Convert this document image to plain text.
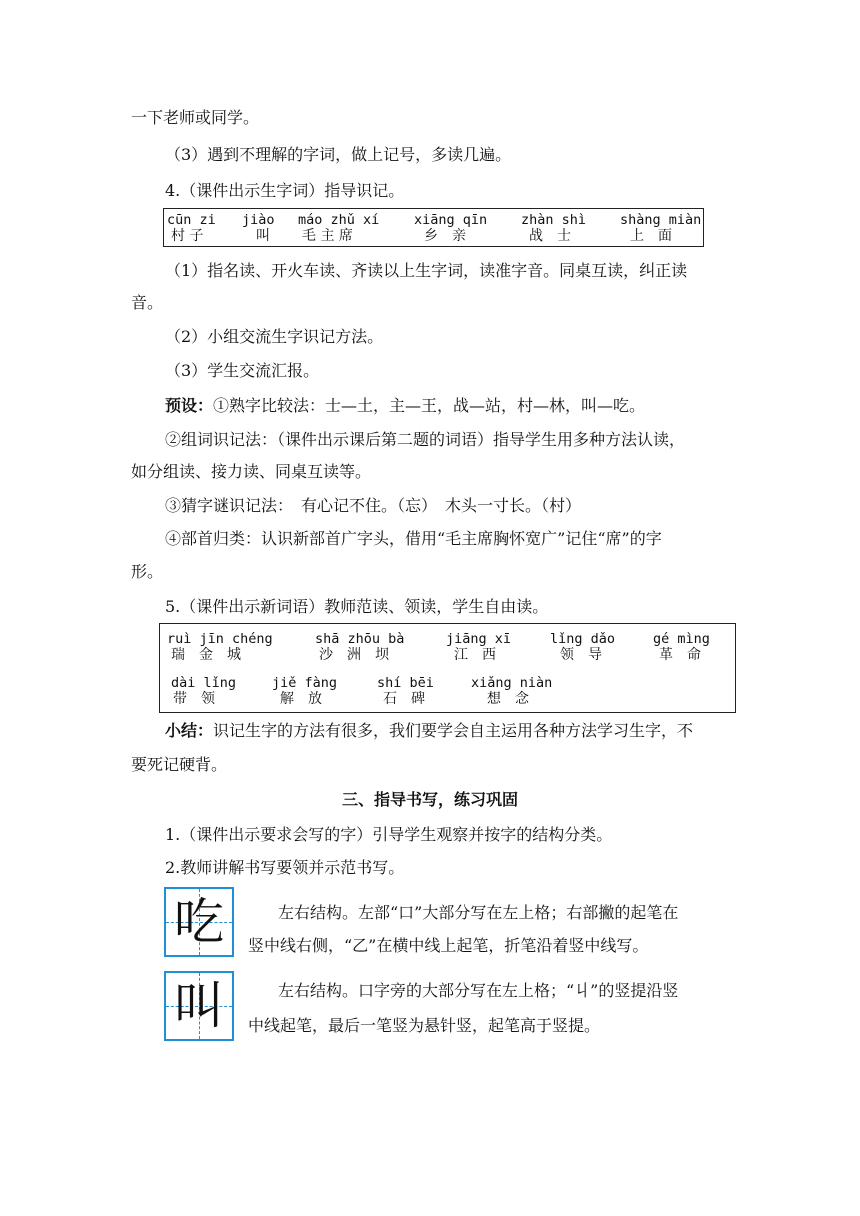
一下老师或同学。
（3）遇到不理解的字词，做上记号，多读几遍。
4.（课件出示生字词）指导识记。
cūn zi
村 子
jiào
叫
máo zhǔ xí
毛 主 席
xiāng qīn
乡　亲
zhàn shì
战　士
shàng miàn
上　面
（1）指名读、开火车读、齐读以上生字词，读准字音。同桌互读，纠正读
音。
（2）小组交流生字识记方法。
（3）学生交流汇报。
预设：①熟字比较法：士—土，主—王，战—站，村—林，叫—吃。
②组词识记法：（课件出示课后第二题的词语）指导学生用多种方法认读，
如分组读、接力读、同桌互读等。
③猜字谜识记法：　有心记不住。（忘）　木头一寸长。（村）
④部首归类：认识新部首广字头，借用“毛主席胸怀宽广”记住“席”的字
形。
5.（课件出示新词语）教师范读、领读，学生自由读。
ruì jīn chéng
瑞　金　城
shā zhōu bà
沙　洲　坝
jiāng xī
江　西
lǐng dǎo
领　导
gé mìng
革　命
dài lǐng
带　领
jiě fàng
解　放
shí bēi
石　碑
xiǎng niàn
想　念
小结：识记生字的方法有很多，我们要学会自主运用各种方法学习生字，不
要死记硬背。
三、指导书写，练习巩固
1.（课件出示要求会写的字）引导学生观察并按字的结构分类。
2.教师讲解书写要领并示范书写。
吃	左右结构。左部“口”大部分写在左上格；右部撇的起笔在
竖中线右侧，“乙”在横中线上起笔，折笔沿着竖中线写。
叫	左右结构。口字旁的大部分写在左上格；“丩”的竖提沿竖
中线起笔，最后一笔竖为悬针竖，起笔高于竖提。
